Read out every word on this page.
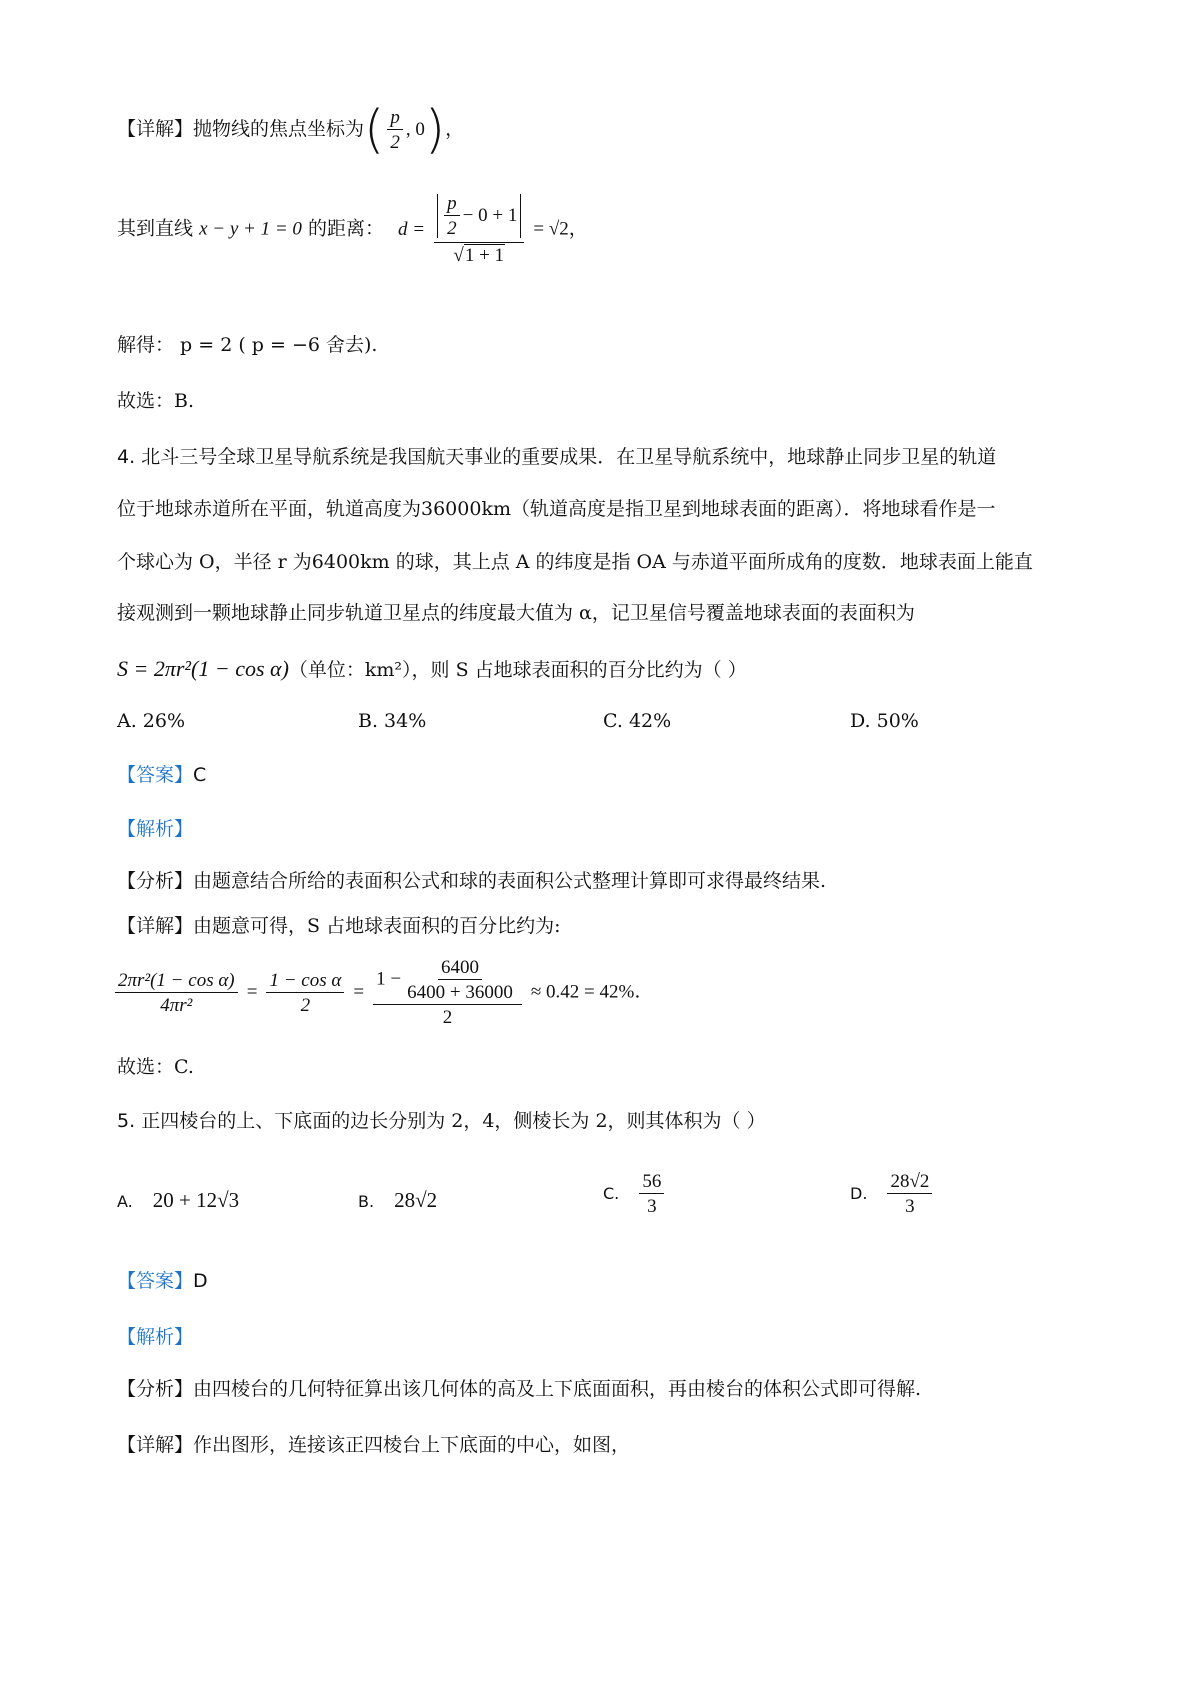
【详解】抛物线的焦点坐标为( $\frac{p}{2}$ , 0)，
其到直线 x − y + 1 = 0 的距离： $d = \frac{\frac{p}{2} - 0 + 1}{√1 + 1} = √2$，
解得： p = 2 ( p = −6 舍去).
故选：B.
4. 北斗三号全球卫星导航系统是我国航天事业的重要成果．在卫星导航系统中，地球静止同步卫星的轨道
位于地球赤道所在平面，轨道高度为36000km（轨道高度是指卫星到地球表面的距离）．将地球看作是一
个球心为 O，半径 r 为6400km 的球，其上点 A 的纬度是指 OA 与赤道平面所成角的度数．地球表面上能直
接观测到一颗地球静止同步轨道卫星点的纬度最大值为 α，记卫星信号覆盖地球表面的表面积为
S = 2πr²(1 − cos α)（单位：km²），则 S 占地球表面积的百分比约为（ ）
A. 26%	B. 34%	C. 42%	D. 50%
【答案】C
【解析】
【分析】由题意结合所给的表面积公式和球的表面积公式整理计算即可求得最终结果.
【详解】由题意可得，S 占地球表面积的百分比约为:
$\frac{\text{2πr²(1 − cos α)}}{\text{4πr²}} = \frac{\text{1 − cos α}}{2} = \frac{1 - \frac{6400}{6400 + 36000}}{2} \approx 0.42 = 42\%$.
故选：C.
5. 正四棱台的上、下底面的边长分别为 2，4，侧棱长为 2，则其体积为（ ）
A. 20 + 12√3	B. 28√2	C. $\frac{56}{3}$	D. $\frac{28√2}{3}$
【答案】D
【解析】
【分析】由四棱台的几何特征算出该几何体的高及上下底面面积，再由棱台的体积公式即可得解.
【详解】作出图形，连接该正四棱台上下底面的中心，如图，
